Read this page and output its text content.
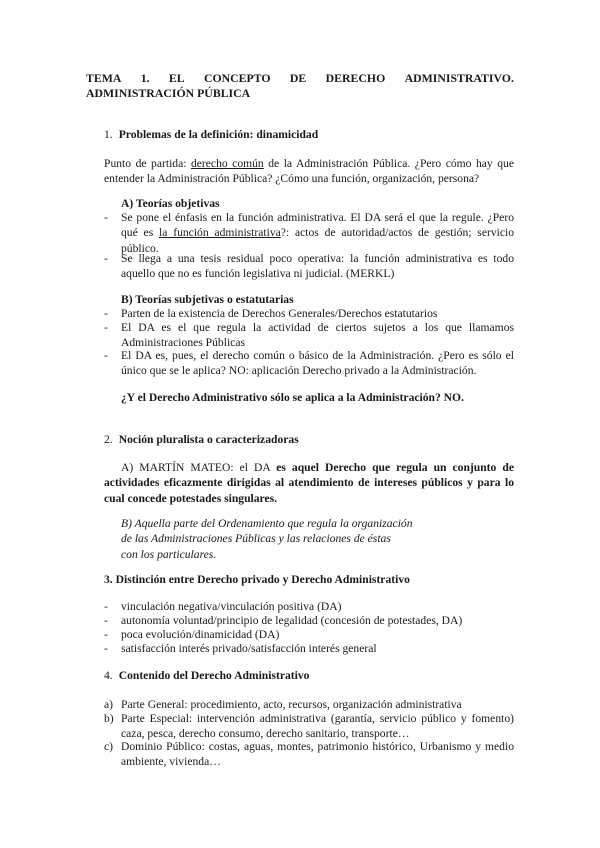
TEMA 1. EL CONCEPTO DE DERECHO ADMINISTRATIVO.
ADMINISTRACIÓN PÚBLICA
1. Problemas de la definición: dinamicidad
Punto de partida: derecho común de la Administración Pública. ¿Pero cómo hay que entender la Administración Pública? ¿Cómo una función, organización, persona?
A) Teorías objetivas
-	Se pone el énfasis en la función administrativa. El DA será el que la regule. ¿Pero qué es la función administrativa?: actos de autoridad/actos de gestión; servicio público.
-	Se llega a una tesis residual poco operativa: la función administrativa es todo aquello que no es función legislativa ni judicial. (MERKL)
B) Teorías subjetivas o estatutarias
-	Parten de la existencia de Derechos Generales/Derechos estatutarios
-	El DA es el que regula la actividad de ciertos sujetos a los que llamamos Administraciones Públicas
-	El DA es, pues, el derecho común o básico de la Administración. ¿Pero es sólo el único que se le aplica? NO: aplicación Derecho privado a la Administración.
¿Y el Derecho Administrativo sólo se aplica a la Administración? NO.
2. Noción pluralista o caracterizadoras
A) MARTÍN MATEO: el DA es aquel Derecho que regula un conjunto de actividades eficazmente dirigidas al atendimiento de intereses públicos y para lo cual concede potestades singulares.
B) Aquella parte del Ordenamiento que regula la organización
de las Administraciones Públicas y las relaciones de éstas
con los particulares.
3. Distinción entre Derecho privado y Derecho Administrativo
-	vinculación negativa/vinculación positiva (DA)
-	autonomía voluntad/principio de legalidad (concesión de potestades, DA)
-	poca evolución/dinamicidad (DA)
-	satisfacción interés privado/satisfacción interés general
4. Contenido del Derecho Administrativo
a) Parte General: procedimiento, acto, recursos, organización administrativa
b) Parte Especial: intervención administrativa (garantía, servicio público y fomento) caza, pesca, derecho consumo, derecho sanitario, transporte…
c) Dominio Público: costas, aguas, montes, patrimonio histórico, Urbanismo y medio ambiente, vivienda…
